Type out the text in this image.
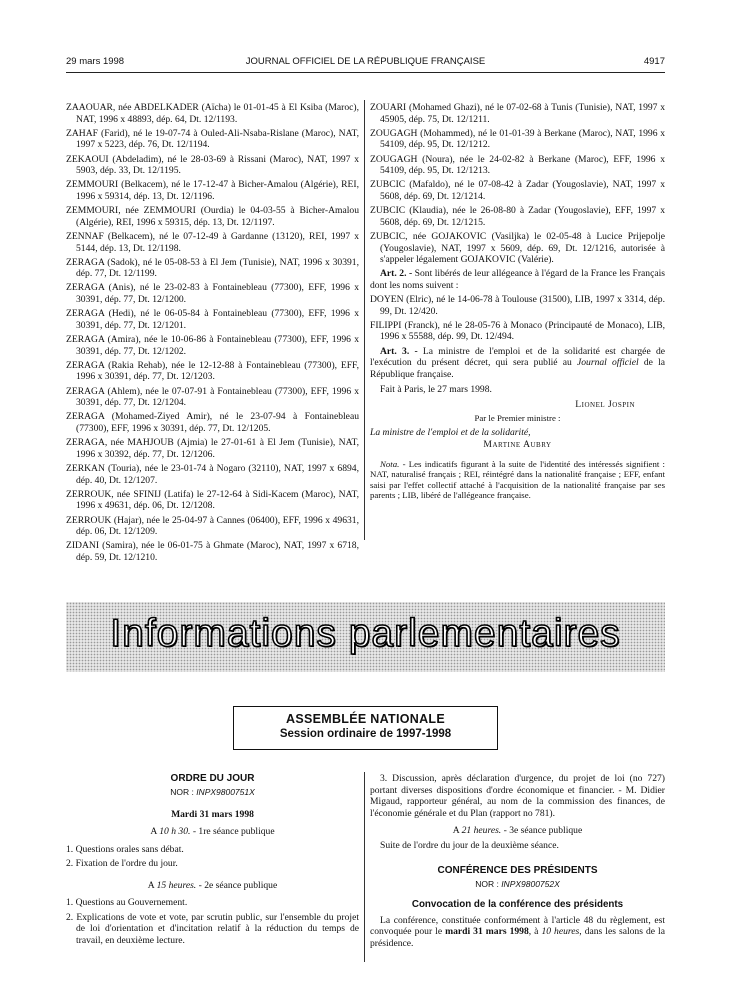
29 mars 1998	JOURNAL OFFICIEL DE LA RÉPUBLIQUE FRANÇAISE	4917

ZAAOUAR, née ABDELKADER (Aïcha) le 01-01-45 à El Ksiba (Maroc), NAT, 1996 x 48893, dép. 64, Dt. 12/1193.

ZAHAF (Farid), né le 19-07-74 à Ouled-Ali-Nsaba-Rislane (Maroc), NAT, 1997 x 5223, dép. 76, Dt. 12/1194.

ZEKAOUI (Abdeladim), né le 28-03-69 à Rissani (Maroc), NAT, 1997 x 5903, dép. 33, Dt. 12/1195.

ZEMMOURI (Belkacem), né le 17-12-47 à Bicher-Amalou (Algérie), REI, 1996 x 59314, dép. 13, Dt. 12/1196.

ZEMMOURI, née ZEMMOURI (Ourdia) le 04-03-55 à Bicher-Amalou (Algérie), REI, 1996 x 59315, dép. 13, Dt. 12/1197.

ZENNAF (Belkacem), né le 07-12-49 à Gardanne (13120), REI, 1997 x 5144, dép. 13, Dt. 12/1198.

ZERAGA (Sadok), né le 05-08-53 à El Jem (Tunisie), NAT, 1996 x 30391, dép. 77, Dt. 12/1199.

ZERAGA (Anis), né le 23-02-83 à Fontainebleau (77300), EFF, 1996 x 30391, dép. 77, Dt. 12/1200.

ZERAGA (Hedi), né le 06-05-84 à Fontainebleau (77300), EFF, 1996 x 30391, dép. 77, Dt. 12/1201.

ZERAGA (Amira), née le 10-06-86 à Fontainebleau (77300), EFF, 1996 x 30391, dép. 77, Dt. 12/1202.

ZERAGA (Rakia Rehab), née le 12-12-88 à Fontainebleau (77300), EFF, 1996 x 30391, dép. 77, Dt. 12/1203.

ZERAGA (Ahlem), née le 07-07-91 à Fontainebleau (77300), EFF, 1996 x 30391, dép. 77, Dt. 12/1204.

ZERAGA (Mohamed-Ziyed Amir), né le 23-07-94 à Fontainebleau (77300), EFF, 1996 x 30391, dép. 77, Dt. 12/1205.

ZERAGA, née MAHJOUB (Ajmia) le 27-01-61 à El Jem (Tunisie), NAT, 1996 x 30392, dép. 77, Dt. 12/1206.

ZERKAN (Touria), née le 23-01-74 à Nogaro (32110), NAT, 1997 x 6894, dép. 40, Dt. 12/1207.

ZERROUK, née SFINIJ (Latifa) le 27-12-64 à Sidi-Kacem (Maroc), NAT, 1996 x 49631, dép. 06, Dt. 12/1208.

ZERROUK (Hajar), née le 25-04-97 à Cannes (06400), EFF, 1996 x 49631, dép. 06, Dt. 12/1209.

ZIDANI (Samira), née le 06-01-75 à Ghmate (Maroc), NAT, 1997 x 6718, dép. 59, Dt. 12/1210.

ZOUARI (Mohamed Ghazi), né le 07-02-68 à Tunis (Tunisie), NAT, 1997 x 45905, dép. 75, Dt. 12/1211.

ZOUGAGH (Mohammed), né le 01-01-39 à Berkane (Maroc), NAT, 1996 x 54109, dép. 95, Dt. 12/1212.

ZOUGAGH (Noura), née le 24-02-82 à Berkane (Maroc), EFF, 1996 x 54109, dép. 95, Dt. 12/1213.

ZUBCIC (Mafaldo), né le 07-08-42 à Zadar (Yougoslavie), NAT, 1997 x 5608, dép. 69, Dt. 12/1214.

ZUBCIC (Klaudia), née le 26-08-80 à Zadar (Yougoslavie), EFF, 1997 x 5608, dép. 69, Dt. 12/1215.

ZUBCIC, née GOJAKOVIC (Vasiljka) le 02-05-48 à Lucice Prijepolje (Yougoslavie), NAT, 1997 x 5609, dép. 69, Dt. 12/1216, autorisée à s'appeler légalement GOJAKOVIC (Valérie).

Art. 2. - Sont libérés de leur allégeance à l'égard de la France les Français dont les noms suivent :

DOYEN (Elric), né le 14-06-78 à Toulouse (31500), LIB, 1997 x 3314, dép. 99, Dt. 12/420.

FILIPPI (Franck), né le 28-05-76 à Monaco (Principauté de Monaco), LIB, 1996 x 55588, dép. 99, Dt. 12/494.

Art. 3. - La ministre de l'emploi et de la solidarité est chargée de l'exécution du présent décret, qui sera publié au Journal officiel de la République française.

Fait à Paris, le 27 mars 1998.

Lionel Jospin

Par le Premier ministre :

La ministre de l'emploi et de la solidarité,

Martine Aubry

Nota. - Les indicatifs figurant à la suite de l'identité des intéressés signifient : NAT, naturalisé français ; REI, réintégré dans la nationalité française ; EFF, enfant saisi par l'effet collectif attaché à l'acquisition de la nationalité française par ses parents ; LIB, libéré de l'allégeance française.

Informations parlementaires
ASSEMBLÉE NATIONALE
Session ordinaire de 1997-1998

ORDRE DU JOUR

NOR : INPX9800751X

Mardi 31 mars 1998

A 10 h 30. - 1re séance publique

1. Questions orales sans débat.

2. Fixation de l'ordre du jour.

A 15 heures. - 2e séance publique

1. Questions au Gouvernement.

2. Explications de vote et vote, par scrutin public, sur l'ensemble du projet de loi d'orientation et d'incitation relatif à la réduction du temps de travail, en deuxième lecture.

3. Discussion, après déclaration d'urgence, du projet de loi (no 727) portant diverses dispositions d'ordre économique et financier. - M. Didier Migaud, rapporteur général, au nom de la commission des finances, de l'économie générale et du Plan (rapport no 781).

A 21 heures. - 3e séance publique

Suite de l'ordre du jour de la deuxième séance.

CONFÉRENCE DES PRÉSIDENTS

NOR : INPX9800752X

Convocation de la conférence des présidents

La conférence, constituée conformément à l'article 48 du règlement, est convoquée pour le mardi 31 mars 1998, à 10 heures, dans les salons de la présidence.
